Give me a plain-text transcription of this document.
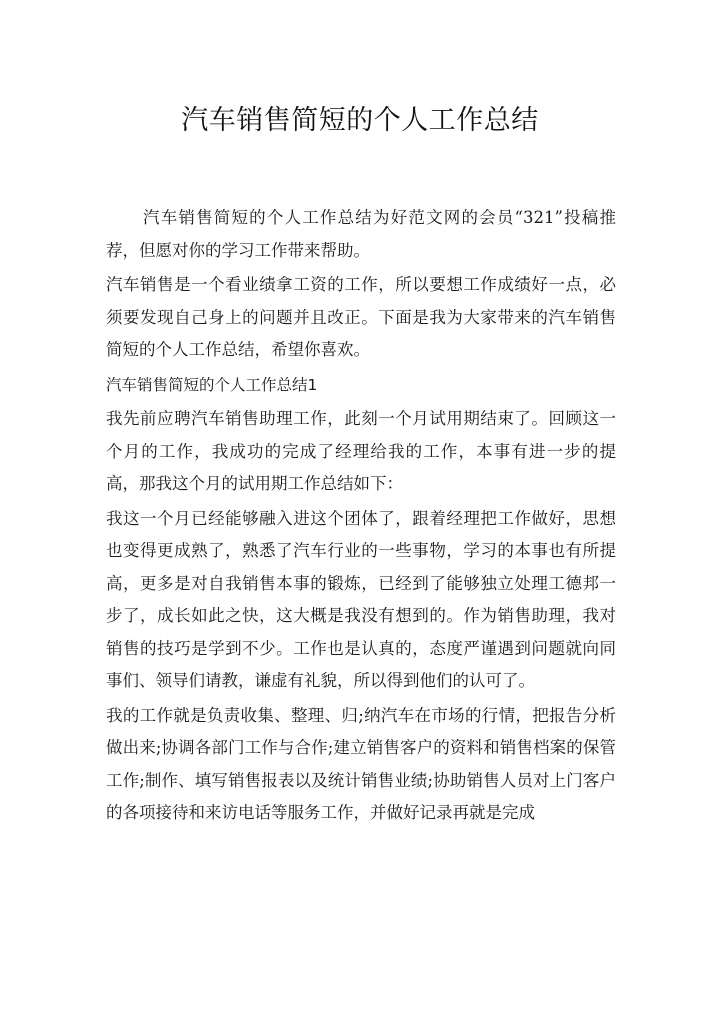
汽车销售简短的个人工作总结

汽车销售简短的个人工作总结为好范文网的会员“321”投稿推荐，但愿对你的学习工作带来帮助。

汽车销售是一个看业绩拿工资的工作，所以要想工作成绩好一点，必须要发现自己身上的问题并且改正。下面是我为大家带来的汽车销售简短的个人工作总结，希望你喜欢。

汽车销售简短的个人工作总结1

我先前应聘汽车销售助理工作，此刻一个月试用期结束了。回顾这一个月的工作，我成功的完成了经理给我的工作，本事有进一步的提高，那我这个月的试用期工作总结如下：

我这一个月已经能够融入进这个团体了，跟着经理把工作做好，思想也变得更成熟了，熟悉了汽车行业的一些事物，学习的本事也有所提高，更多是对自我销售本事的锻炼，已经到了能够独立处理工德邦一步了，成长如此之快，这大概是我没有想到的。作为销售助理，我对销售的技巧是学到不少。工作也是认真的，态度严谨遇到问题就向同事们、领导们请教，谦虚有礼貌，所以得到他们的认可了。

我的工作就是负责收集、整理、归;纳汽车在市场的行情，把报告分析做出来;协调各部门工作与合作;建立销售客户的资料和销售档案的保管工作;制作、填写销售报表以及统计销售业绩;协助销售人员对上门客户的各项接待和来访电话等服务工作，并做好记录再就是完成
